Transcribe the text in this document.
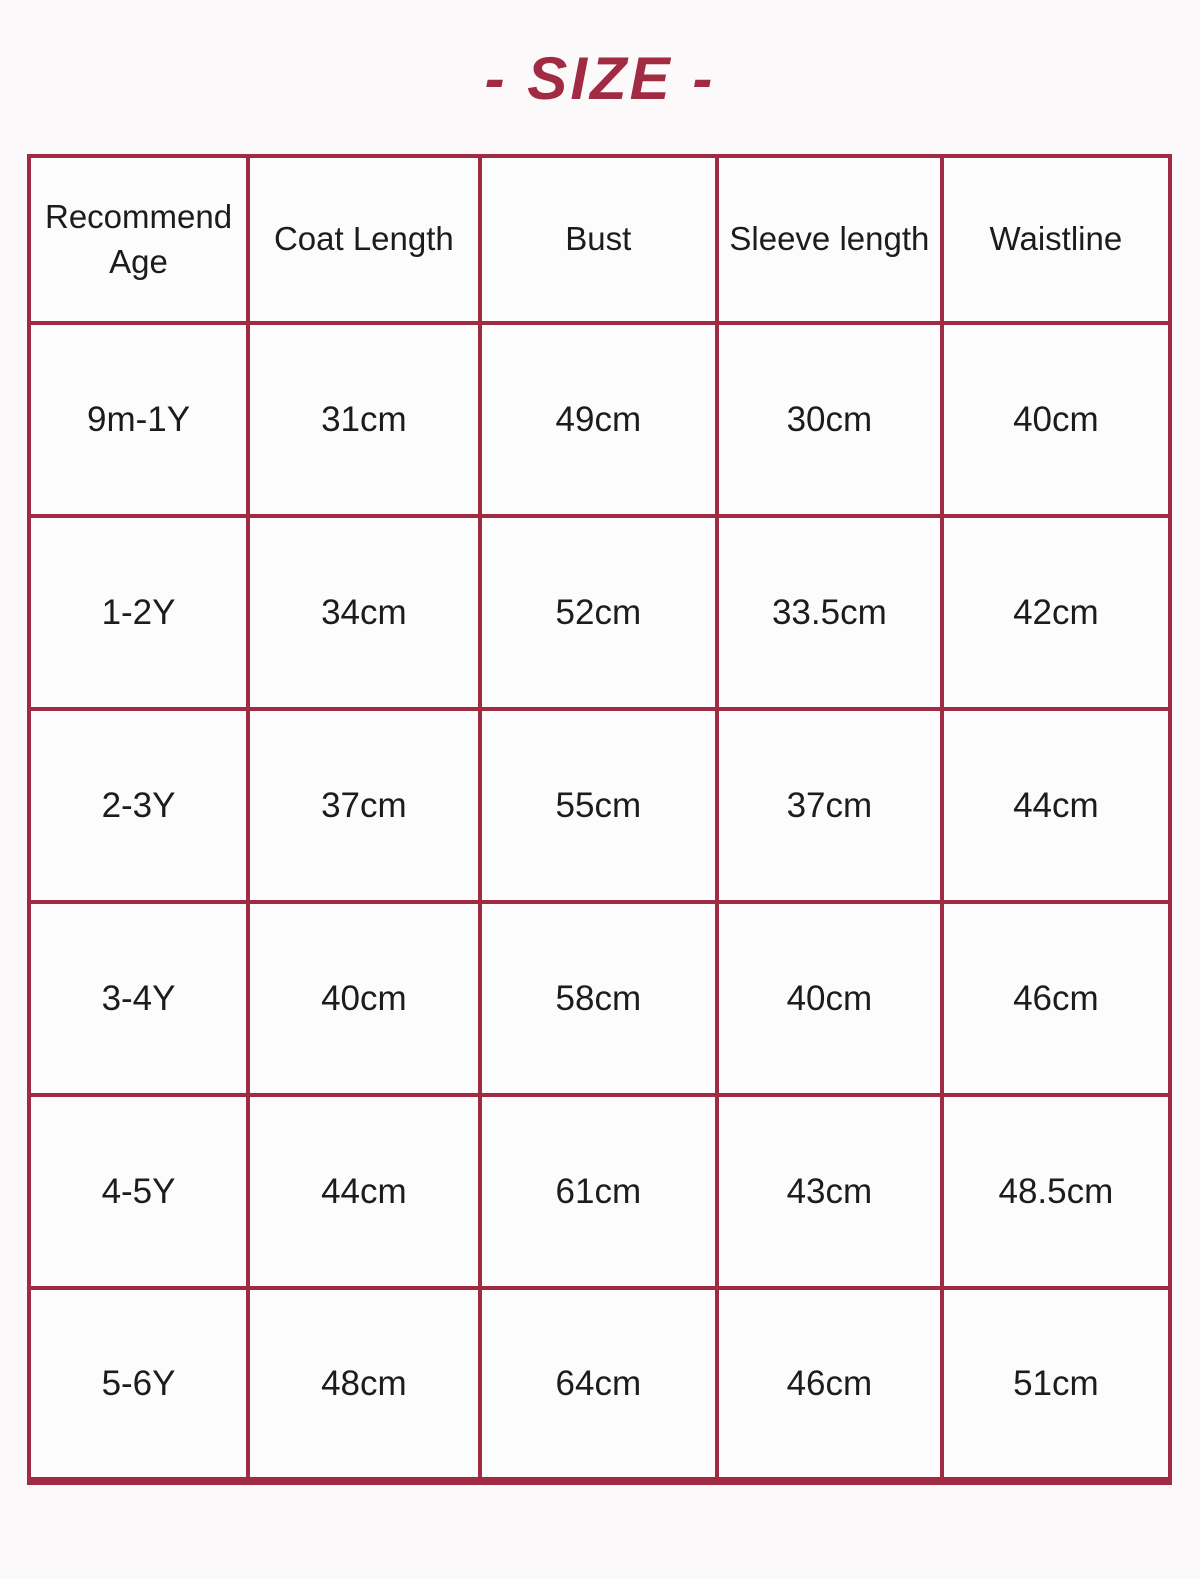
- SIZE -
Recommend Age	Coat Length	Bust	Sleeve length	Waistline
9m-1Y	31cm	49cm	30cm	40cm
1-2Y	34cm	52cm	33.5cm	42cm
2-3Y	37cm	55cm	37cm	44cm
3-4Y	40cm	58cm	40cm	46cm
4-5Y	44cm	61cm	43cm	48.5cm
5-6Y	48cm	64cm	46cm	51cm
